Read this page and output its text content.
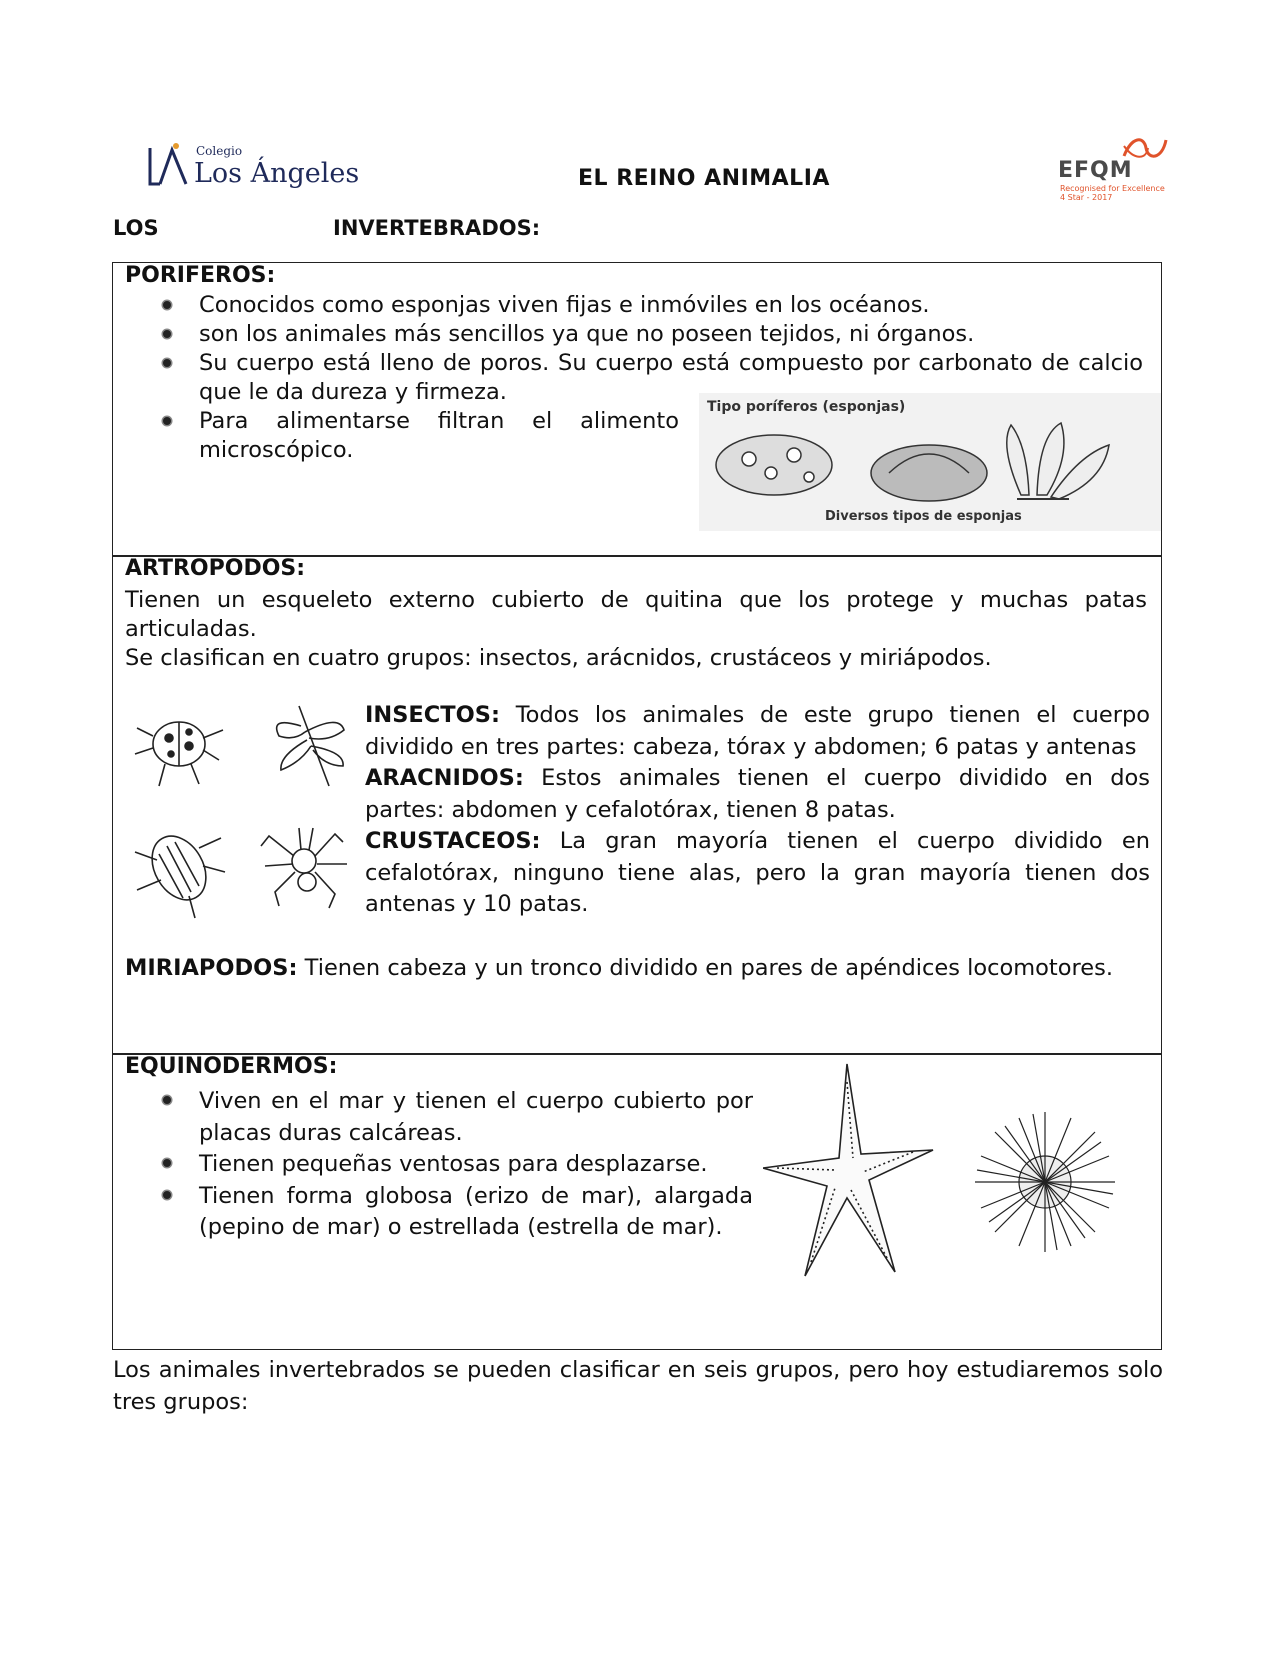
Colegio
Los Ángeles	EL REINO ANIMALIA	EFQM
Recognised for Excellence
4 Star - 2017
LOS	INVERTEBRADOS:
PORIFEROS:
Conocidos como esponjas viven fijas e inmóviles en los océanos.
son los animales más sencillos ya que no poseen tejidos, ni órganos.
Su cuerpo está lleno de poros. Su cuerpo está compuesto por carbonato de calcio que le da dureza y firmeza.
Para alimentarse filtran el alimento microscópico.
Tipo poríferos (esponjas)
Diversos tipos de esponjas
ARTROPODOS:
Tienen un esqueleto externo cubierto de quitina que los protege y muchas patas articuladas.
Se clasifican en cuatro grupos: insectos, arácnidos, crustáceos y miriápodos.
INSECTOS: Todos los animales de este grupo tienen el cuerpo dividido en tres partes: cabeza, tórax y abdomen; 6 patas y antenas
ARACNIDOS: Estos animales tienen el cuerpo dividido en dos partes: abdomen y cefalotórax, tienen 8 patas.
CRUSTACEOS: La gran mayoría tienen el cuerpo dividido en cefalotórax, ninguno tiene alas, pero la gran mayoría tienen dos antenas y 10 patas.
MIRIAPODOS: Tienen cabeza y un tronco dividido en pares de apéndices locomotores.
EQUINODERMOS:
Viven en el mar y tienen el cuerpo cubierto por placas duras calcáreas.
Tienen pequeñas ventosas para desplazarse.
Tienen forma globosa (erizo de mar), alargada (pepino de mar) o estrellada (estrella de mar).
Los animales invertebrados se pueden clasificar en seis grupos, pero hoy estudiaremos solo tres grupos:
